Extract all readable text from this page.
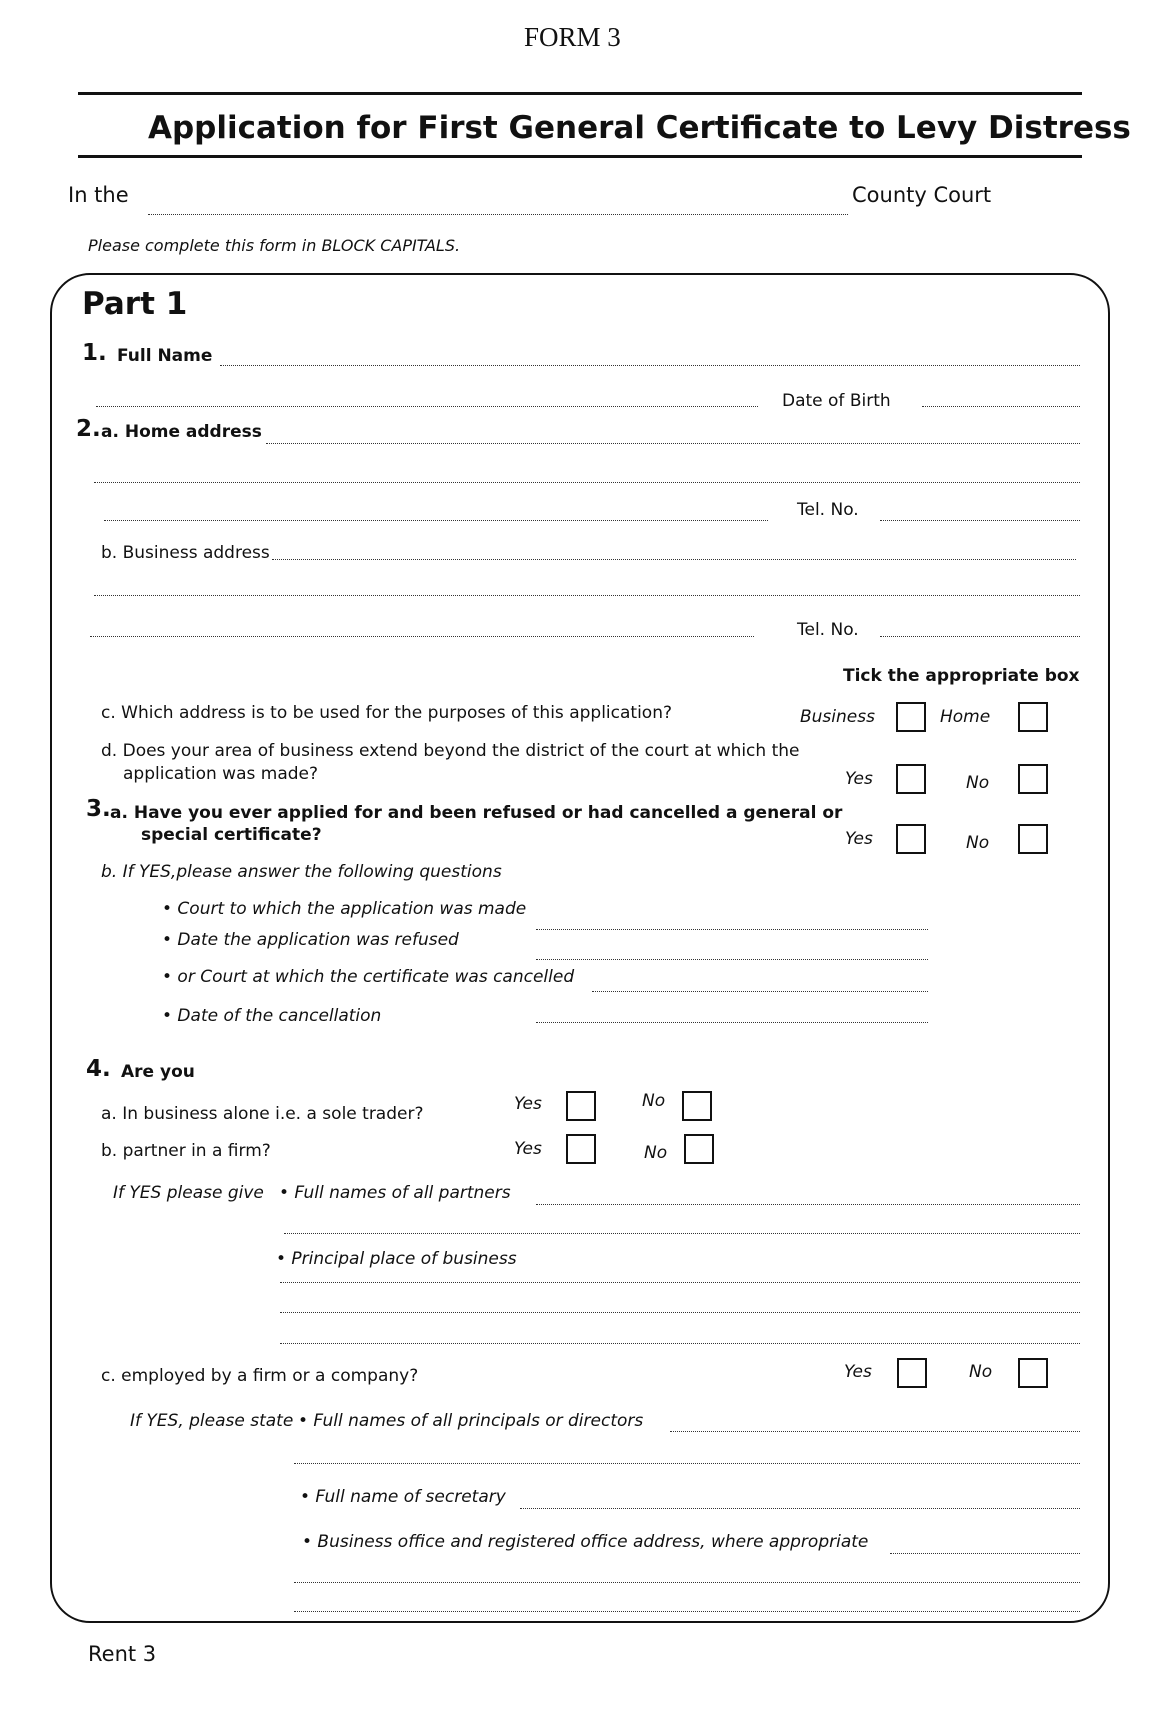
FORM 3
Application for First General Certificate to Levy Distress
In the	County Court
Please complete this form in BLOCK CAPITALS.
Part 1
1. Full Name
Date of Birth
2. a. Home address
Tel. No.
b. Business address
Tel. No.
Tick the appropriate box
c. Which address is to be used for the purposes of this application?	Business	Home
d. Does your area of business extend beyond the district of the court at which the
application was made?	Yes	No
3. a. Have you ever applied for and been refused or had cancelled a general or
special certificate?	Yes	No
b. If YES,please answer the following questions
• Court to which the application was made
• Date the application was refused
• or Court at which the certificate was cancelled
• Date of the cancellation
4. Are you
a. In business alone i.e. a sole trader?	Yes	No
b. partner in a firm?	Yes	No
If YES please give • Full names of all partners
• Principal place of business
c. employed by a firm or a company?	Yes	No
If YES, please state • Full names of all principals or directors
• Full name of secretary
• Business office and registered office address, where appropriate
Rent 3
